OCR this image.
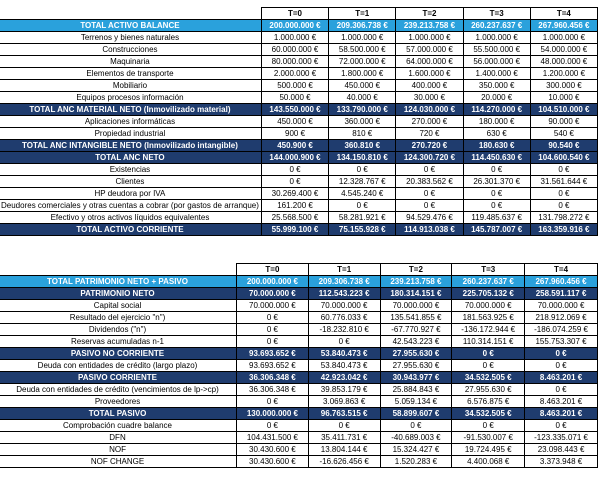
	T=0	T=1	T=2	T=3	T=4
TOTAL ACTIVO BALANCE	200.000.000 €	209.306.738 €	239.213.758 €	260.237.637 €	267.960.456 €
Terrenos y bienes naturales	1.000.000 €	1.000.000 €	1.000.000 €	1.000.000 €	1.000.000 €
Construcciones	60.000.000 €	58.500.000 €	57.000.000 €	55.500.000 €	54.000.000 €
Maquinaria	80.000.000 €	72.000.000 €	64.000.000 €	56.000.000 €	48.000.000 €
Elementos de transporte	2.000.000 €	1.800.000 €	1.600.000 €	1.400.000 €	1.200.000 €
Mobiliario	500.000 €	450.000 €	400.000 €	350.000 €	300.000 €
Equipos procesos información	50.000 €	40.000 €	30.000 €	20.000 €	10.000 €
TOTAL ANC MATERIAL NETO (Inmovilizado material)	143.550.000 €	133.790.000 €	124.030.000 €	114.270.000 €	104.510.000 €
Aplicaciones informáticas	450.000 €	360.000 €	270.000 €	180.000 €	90.000 €
Propiedad industrial	900 €	810 €	720 €	630 €	540 €
TOTAL ANC INTANGIBLE NETO (Inmovilizado intangible)	450.900 €	360.810 €	270.720 €	180.630 €	90.540 €
TOTAL ANC NETO	144.000.900 €	134.150.810 €	124.300.720 €	114.450.630 €	104.600.540 €
Existencias	0 €	0 €	0 €	0 €	0 €
Clientes	0 €	12.328.767 €	20.383.562 €	26.301.370 €	31.561.644 €
HP deudora por IVA	30.269.400 €	4.545.240 €	0 €	0 €	0 €
Deudores comerciales y otras cuentas a cobrar (por gastos de arranque)	161.200 €	0 €	0 €	0 €	0 €
Efectivo y otros activos líquidos equivalentes	25.568.500 €	58.281.921 €	94.529.476 €	119.485.637 €	131.798.272 €
TOTAL ACTIVO CORRIENTE	55.999.100 €	75.155.928 €	114.913.038 €	145.787.007 €	163.359.916 €
	T=0	T=1	T=2	T=3	T=4
TOTAL PATRIMONIO NETO + PASIVO	200.000.000 €	209.306.738 €	239.213.758 €	260.237.637 €	267.960.456 €
PATRIMONIO NETO	70.000.000 €	112.543.223 €	180.314.151 €	225.705.132 €	258.591.117 €
Capital social	70.000.000 €	70.000.000 €	70.000.000 €	70.000.000 €	70.000.000 €
Resultado del ejercicio "n")	0 €	60.776.033 €	135.541.855 €	181.563.925 €	218.912.069 €
Dividendos ("n")	0 €	-18.232.810 €	-67.770.927 €	-136.172.944 €	-186.074.259 €
Reservas acumuladas n-1	0 €	0 €	42.543.223 €	110.314.151 €	155.753.307 €
PASIVO NO CORRIENTE	93.693.652 €	53.840.473 €	27.955.630 €	0 €	0 €
Deuda con entidades de crédito (largo plazo)	93.693.652 €	53.840.473 €	27.955.630 €	0 €	0 €
PASIVO CORRIENTE	36.306.348 €	42.923.042 €	30.943.977 €	34.532.505 €	8.463.201 €
Deuda con entidades de crédito (vencimientos de lp->cp)	36.306.348 €	39.853.179 €	25.884.843 €	27.955.630 €	0 €
Proveedores	0 €	3.069.863 €	5.059.134 €	6.576.875 €	8.463.201 €
TOTAL PASIVO	130.000.000 €	96.763.515 €	58.899.607 €	34.532.505 €	8.463.201 €
Comprobación cuadre balance	0 €	0 €	0 €	0 €	0 €
DFN	104.431.500 €	35.411.731 €	-40.689.003 €	-91.530.007 €	-123.335.071 €
NOF	30.430.600 €	13.804.144 €	15.324.427 €	19.724.495 €	23.098.443 €
NOF CHANGE	30.430.600 €	-16.626.456 €	1.520.283 €	4.400.068 €	3.373.948 €
